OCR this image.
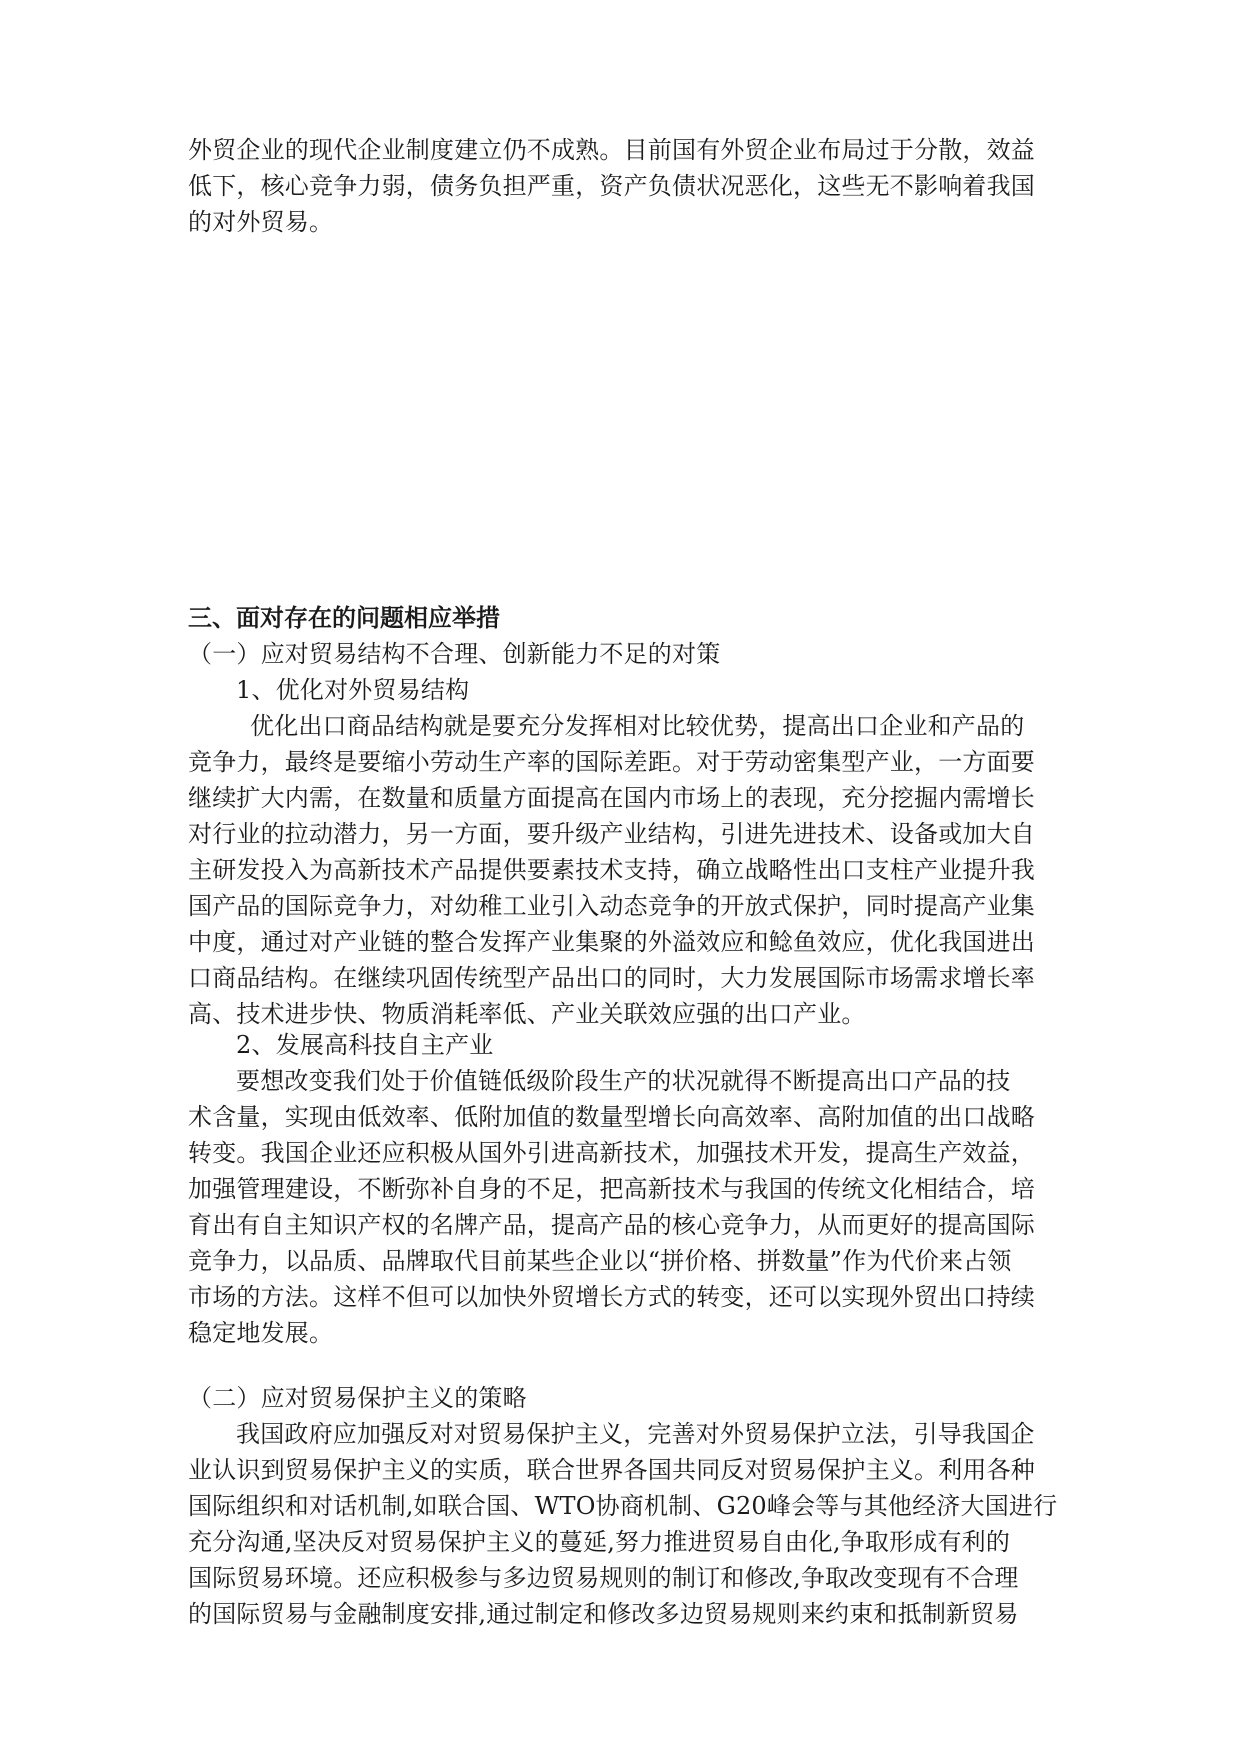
外贸企业的现代企业制度建立仍不成熟。目前国有外贸企业布局过于分散，效益
低下，核心竞争力弱，债务负担严重，资产负债状况恶化，这些无不影响着我国
的对外贸易。
三、面对存在的问题相应举措
（一）应对贸易结构不合理、创新能力不足的对策
1、优化对外贸易结构
优化出口商品结构就是要充分发挥相对比较优势，提高出口企业和产品的
竞争力，最终是要缩小劳动生产率的国际差距。对于劳动密集型产业，一方面要
继续扩大内需，在数量和质量方面提高在国内市场上的表现，充分挖掘内需增长
对行业的拉动潜力，另一方面，要升级产业结构，引进先进技术、设备或加大自
主研发投入为高新技术产品提供要素技术支持，确立战略性出口支柱产业提升我
国产品的国际竞争力，对幼稚工业引入动态竞争的开放式保护，同时提高产业集
中度，通过对产业链的整合发挥产业集聚的外溢效应和鲶鱼效应，优化我国进出
口商品结构。在继续巩固传统型产品出口的同时，大力发展国际市场需求增长率
高、技术进步快、物质消耗率低、产业关联效应强的出口产业。
2、发展高科技自主产业
要想改变我们处于价值链低级阶段生产的状况就得不断提高出口产品的技
术含量，实现由低效率、低附加值的数量型增长向高效率、高附加值的出口战略
转变。我国企业还应积极从国外引进高新技术，加强技术开发，提高生产效益，
加强管理建设，不断弥补自身的不足，把高新技术与我国的传统文化相结合，培
育出有自主知识产权的名牌产品，提高产品的核心竞争力，从而更好的提高国际
竞争力，以品质、品牌取代目前某些企业以“拼价格、拼数量”作为代价来占领
市场的方法。这样不但可以加快外贸增长方式的转变，还可以实现外贸出口持续
稳定地发展。
（二）应对贸易保护主义的策略
我国政府应加强反对对贸易保护主义，完善对外贸易保护立法，引导我国企
业认识到贸易保护主义的实质，联合世界各国共同反对贸易保护主义。利用各种
国际组织和对话机制,如联合国、WTO协商机制、G20峰会等与其他经济大国进行
充分沟通,坚决反对贸易保护主义的蔓延,努力推进贸易自由化,争取形成有利的
国际贸易环境。还应积极参与多边贸易规则的制订和修改,争取改变现有不合理
的国际贸易与金融制度安排,通过制定和修改多边贸易规则来约束和抵制新贸易
